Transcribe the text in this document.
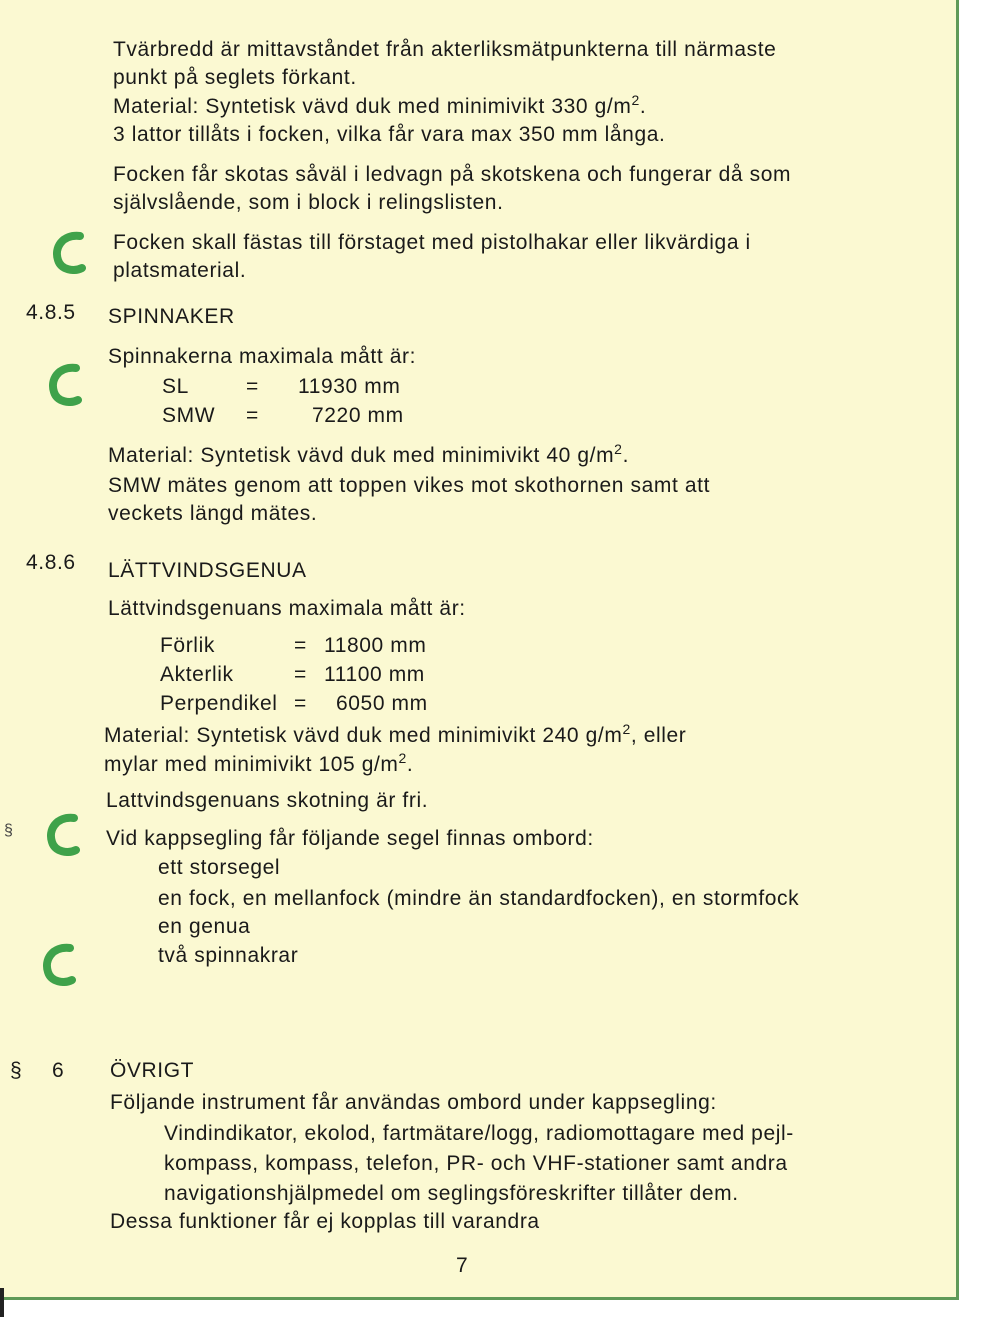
§
Tvärbredd är mittavståndet från akterliksmätpunkterna till närmaste
punkt på seglets förkant.
Material: Syntetisk vävd duk med minimivikt 330 $g/m^2$.
3 lattor tillåts i focken, vilka får vara max 350 mm långa.
Focken får skotas såväl i ledvagn på skotskena och fungerar då som
självslående, som i block i relingslisten.
Focken skall fästas till förstaget med pistolhakar eller likvärdiga i
platsmaterial.
4.8.5 SPINNAKER
Spinnakerna maximala mått är:
SL	= 11930 mm
SMW =	7220 mm
Material: Syntetisk vävd duk med minimivikt 40 $g/m^2$.
SMW mätes genom att toppen vikes mot skothornen samt att
veckets längd mätes.
4.8.6 LÄTTVINDSGENUA
Lättvindsgenuans maximala mått är:
Förlik	= 11800 mm
Akterlik	= 11100 mm
Perpendikel = 6050 mm
Material: Syntetisk vävd duk med minimivikt 240 $g/m^2$, eller
mylar med minimivikt 105 $g/m^2$.
Lattvindsgenuans skotning är fri.
Vid kappsegling får följande segel finnas ombord:
ett storsegel
en fock, en mellanfock (mindre än standardfocken), en stormfock
en genua
två spinnakrar
§ 6 ÖVRIGT
Följande instrument får användas ombord under kappsegling:
Vindindikator, ekolod, fartmätare/logg, radiomottagare med pejl-
kompass, kompass, telefon, PR- och VHF-stationer samt andra
navigationshjälpmedel om seglingsföreskrifter tillåter dem.
Dessa funktioner får ej kopplas till varandra
7
